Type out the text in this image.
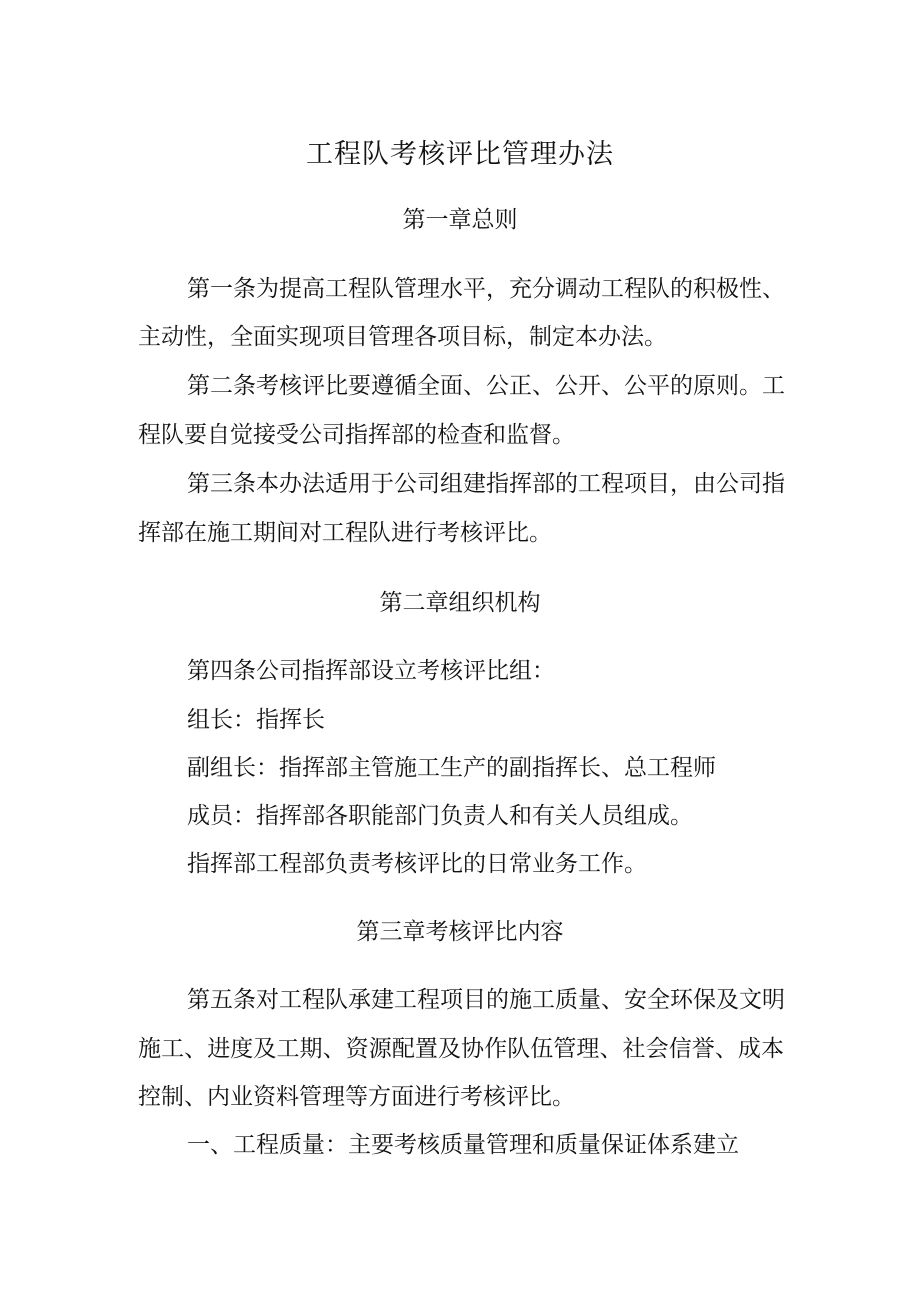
工程队考核评比管理办法
第一章总则
第一条为提高工程队管理水平，充分调动工程队的积极性、
主动性，全面实现项目管理各项目标，制定本办法。
第二条考核评比要遵循全面、公正、公开、公平的原则。工
程队要自觉接受公司指挥部的检查和监督。
第三条本办法适用于公司组建指挥部的工程项目，由公司指
挥部在施工期间对工程队进行考核评比。
第二章组织机构
第四条公司指挥部设立考核评比组：
组长：指挥长
副组长：指挥部主管施工生产的副指挥长、总工程师
成员：指挥部各职能部门负责人和有关人员组成。
指挥部工程部负责考核评比的日常业务工作。
第三章考核评比内容
第五条对工程队承建工程项目的施工质量、安全环保及文明
施工、进度及工期、资源配置及协作队伍管理、社会信誉、成本
控制、内业资料管理等方面进行考核评比。
一、工程质量：主要考核质量管理和质量保证体系建立
